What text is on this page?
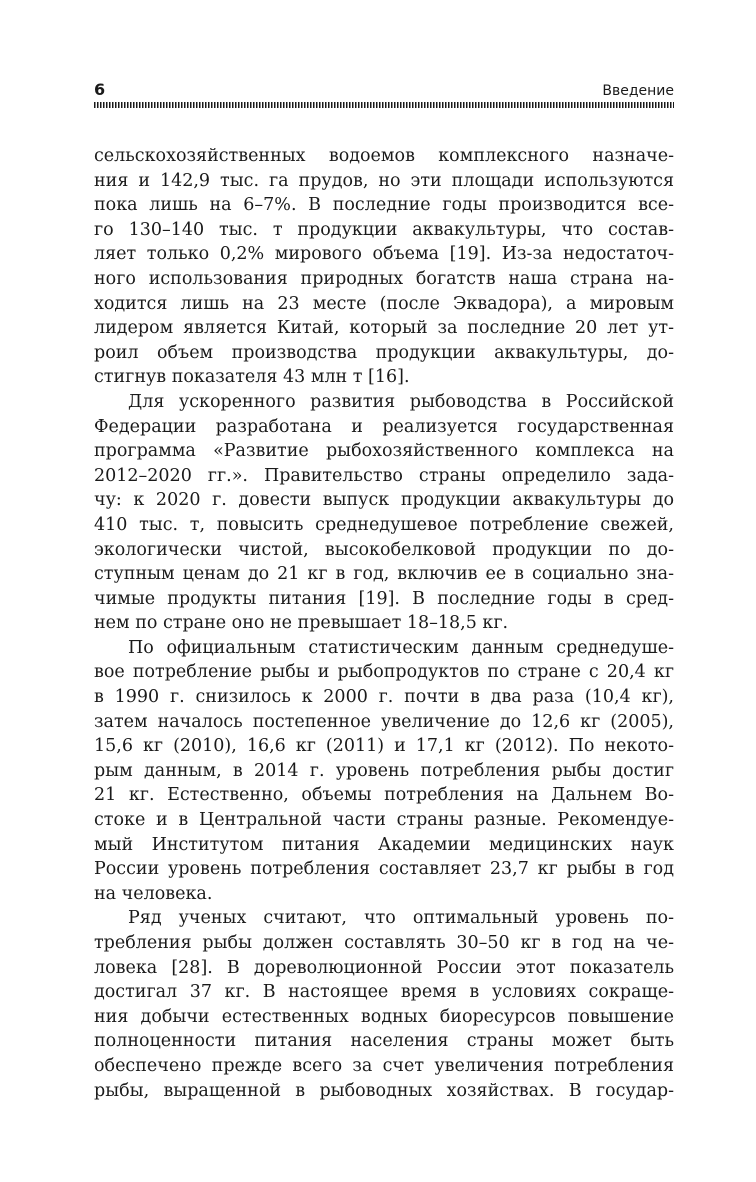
6	Введение
сельскохозяйственных водоемов комплексного назначе-
ния и 142,9 тыс. га прудов, но эти площади используются
пока лишь на 6–7%. В последние годы производится все-
го 130–140 тыс. т продукции аквакультуры, что состав-
ляет только 0,2% мирового объема [19]. Из-за недостаточ-
ного использования природных богатств наша страна на-
ходится лишь на 23 месте (после Эквадора), а мировым
лидером является Китай, который за последние 20 лет ут-
роил объем производства продукции аквакультуры, до-
стигнув показателя 43 млн т [16].
Для ускоренного развития рыбоводства в Российской
Федерации разработана и реализуется государственная
программа «Развитие рыбохозяйственного комплекса на
2012–2020 гг.». Правительство страны определило зада-
чу: к 2020 г. довести выпуск продукции аквакультуры до
410 тыс. т, повысить среднедушевое потребление свежей,
экологически чистой, высокобелковой продукции по до-
ступным ценам до 21 кг в год, включив ее в социально зна-
чимые продукты питания [19]. В последние годы в сред-
нем по стране оно не превышает 18–18,5 кг.
По официальным статистическим данным среднедуше-
вое потребление рыбы и рыбопродуктов по стране с 20,4 кг
в 1990 г. снизилось к 2000 г. почти в два раза (10,4 кг),
затем началось постепенное увеличение до 12,6 кг (2005),
15,6 кг (2010), 16,6 кг (2011) и 17,1 кг (2012). По некото-
рым данным, в 2014 г. уровень потребления рыбы достиг
21 кг. Естественно, объемы потребления на Дальнем Во-
стоке и в Центральной части страны разные. Рекомендуе-
мый Институтом питания Академии медицинских наук
России уровень потребления составляет 23,7 кг рыбы в год
на человека.
Ряд ученых считают, что оптимальный уровень по-
требления рыбы должен составлять 30–50 кг в год на че-
ловека [28]. В дореволюционной России этот показатель
достигал 37 кг. В настоящее время в условиях сокраще-
ния добычи естественных водных биоресурсов повышение
полноценности питания населения страны может быть
обеспечено прежде всего за счет увеличения потребления
рыбы, выращенной в рыбоводных хозяйствах. В государ-
